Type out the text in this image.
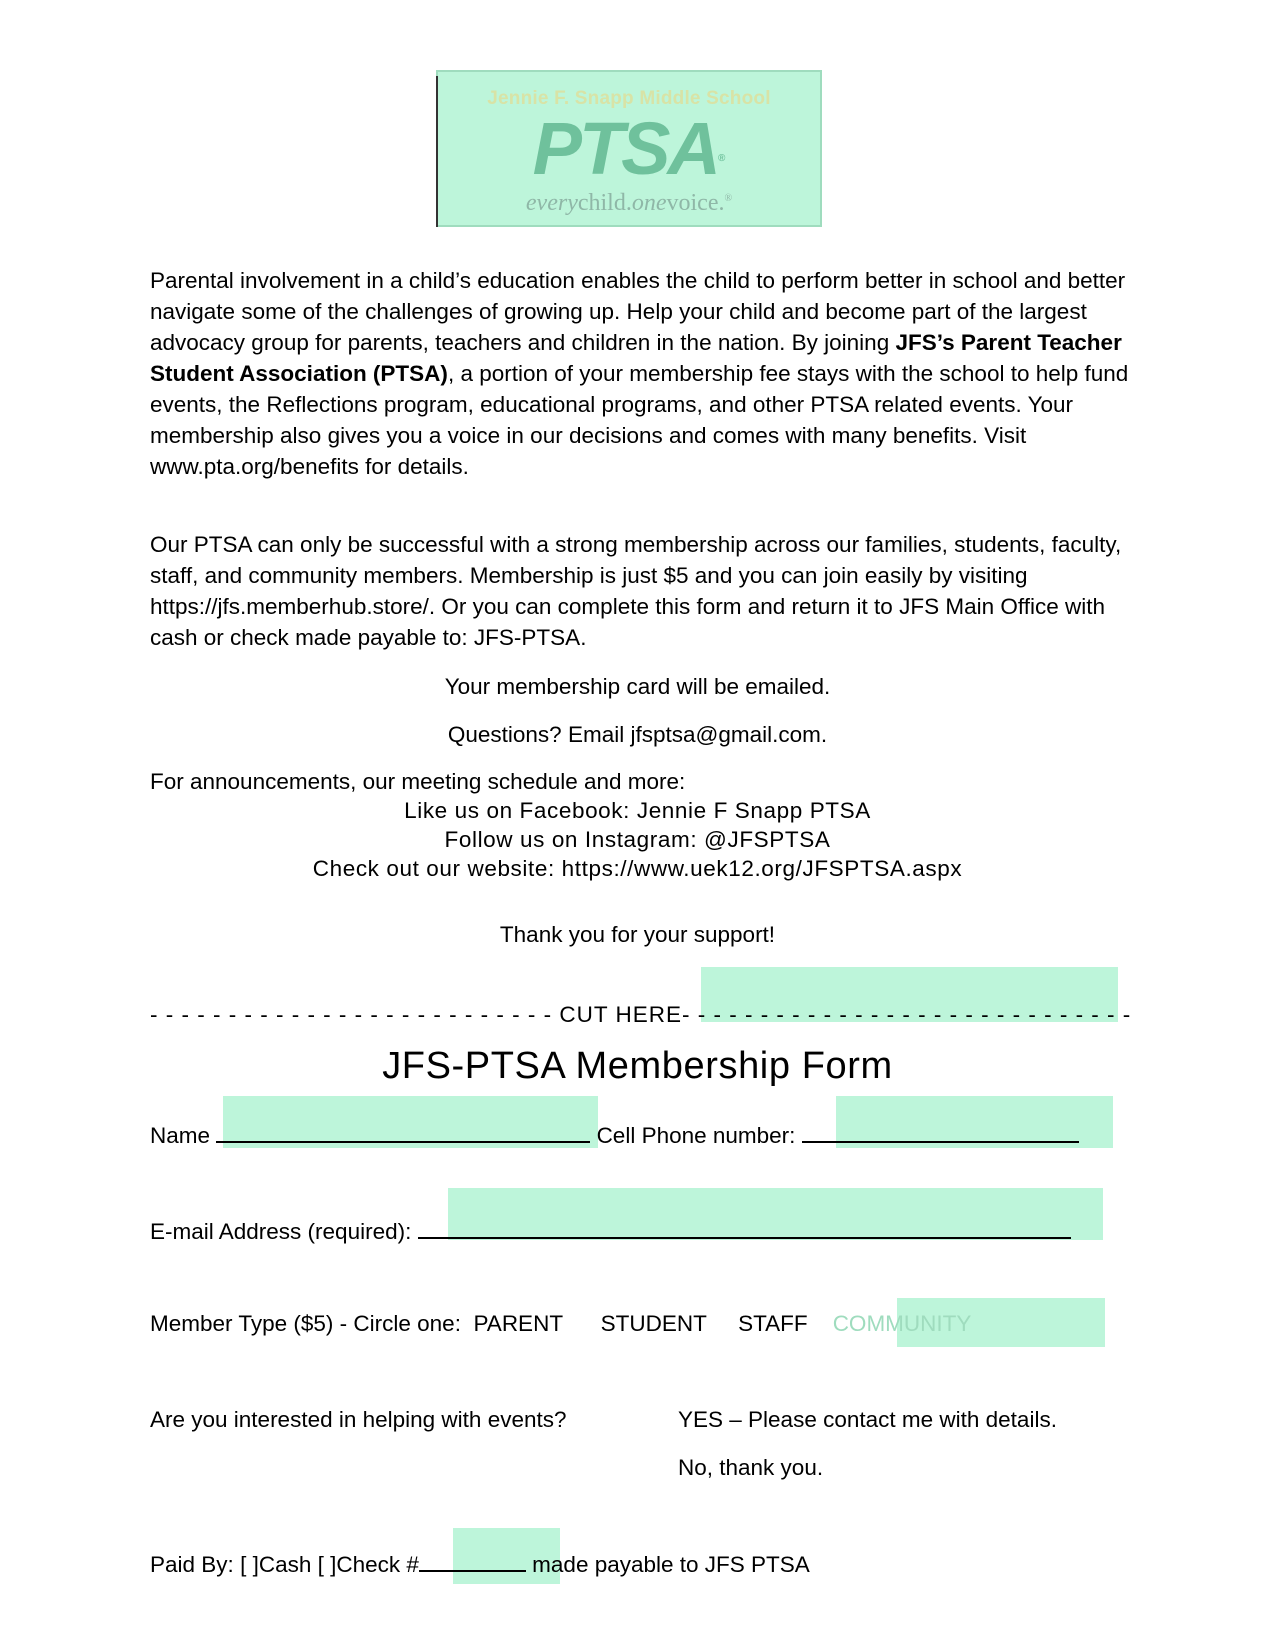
Jennie F. Snapp Middle School
PTSA®
everychild.onevoice.®
Parental involvement in a child’s education enables the child to perform better in school and better navigate some of the challenges of growing up. Help your child and become part of the largest advocacy group for parents, teachers and children in the nation. By joining JFS’s Parent Teacher Student Association (PTSA), a portion of your membership fee stays with the school to help fund events, the Reflections program, educational programs, and other PTSA related events. Your membership also gives you a voice in our decisions and comes with many benefits. Visit www.pta.org/benefits for details.
Our PTSA can only be successful with a strong membership across our families, students, faculty, staff, and community members. Membership is just $5 and you can join easily by visiting https://jfs.memberhub.store/. Or you can complete this form and return it to JFS Main Office with cash or check made payable to: JFS-PTSA.
Your membership card will be emailed.
Questions? Email jfsptsa@gmail.com.
For announcements, our meeting schedule and more:
Like us on Facebook: Jennie F Snapp PTSA
Follow us on Instagram: @JFSPTSA
Check out our website: https://www.uek12.org/JFSPTSA.aspx
Thank you for your support!
- - - - - - - - - - - - - - - - - - - - - - - - - - CUT HERE- - - - - - - - - - - - - - - - - - - - - - - - - - - - -
JFS-PTSA Membership Form
Name	Cell Phone number:
E-mail Address (required):
Member Type ($5) - Circle one: PARENT STUDENT STAFF COMMUNITY
Are you interested in helping with events?	YES – Please contact me with details.
No, thank you.
Paid By: [ ]Cash [ ]Check #	made payable to JFS PTSA
